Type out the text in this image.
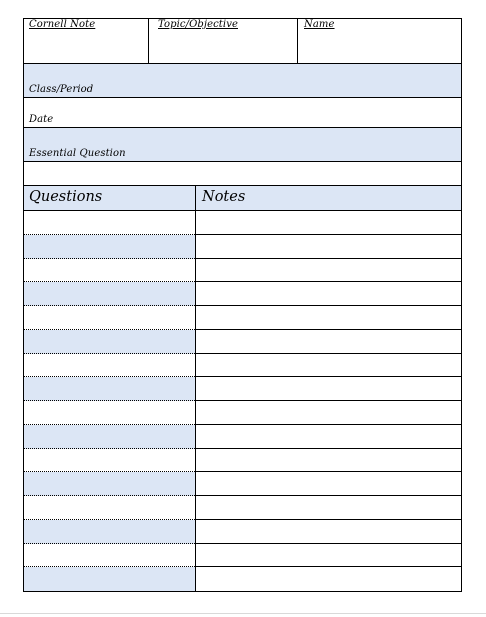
Cornell Note	Topic/Objective	Name
Class/Period
Date
Essential Question
Questions	Notes
